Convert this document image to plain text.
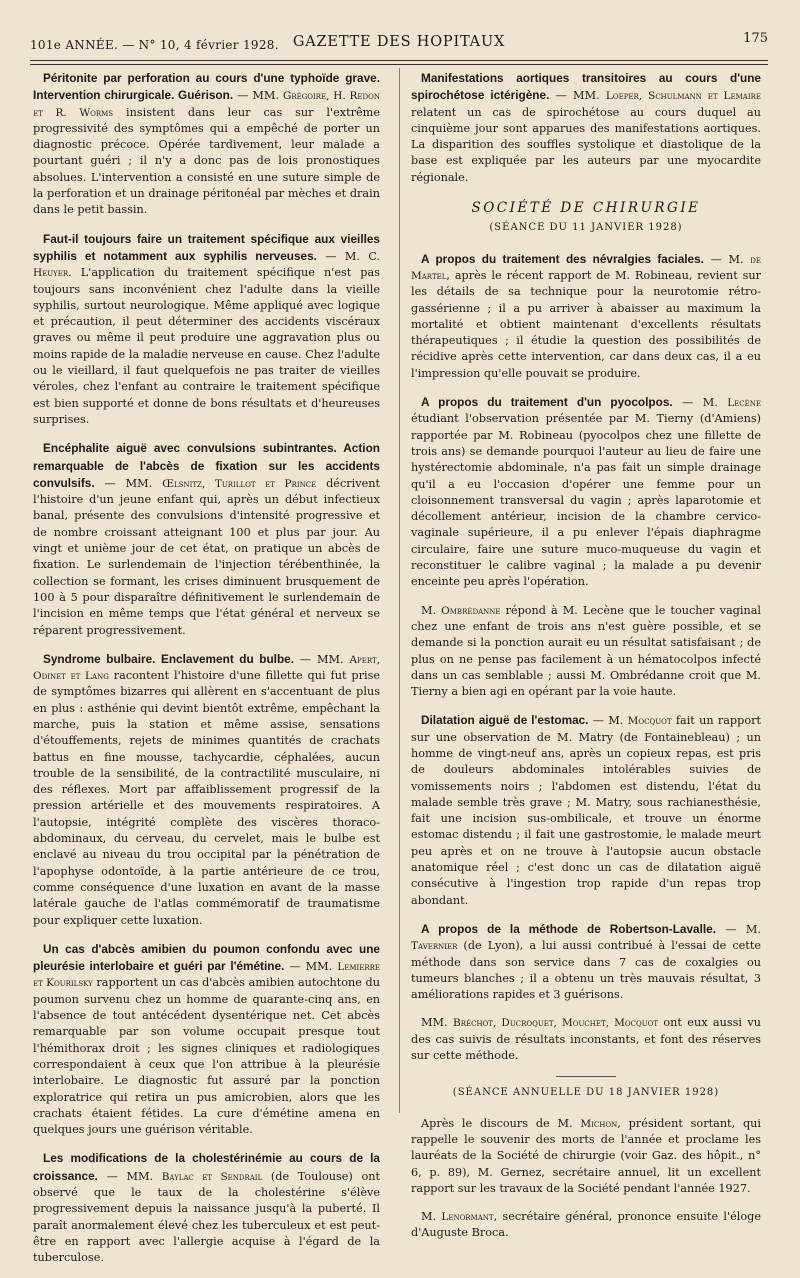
101e ANNÉE. — N° 10, 4 février 1928. GAZETTE DES HOPITAUX	175

Péritonite par perforation au cours d'une typhoïde grave. Intervention chirurgicale. Guérison. — MM. Grégoire, H. Redon et R. Worms insistent dans leur cas sur l'extrême progressivité des symptômes qui a empêché de porter un diagnostic précoce. Opérée tardivement, leur malade a pourtant guéri ; il n'y a donc pas de lois pronostiques absolues. L'intervention a consisté en une suture simple de la perforation et un drainage péritonéal par mèches et drain dans le petit bassin.

Faut-il toujours faire un traitement spécifique aux vieilles syphilis et notamment aux syphilis nerveuses. — M. C. Heuyer. L'application du traitement spécifique n'est pas toujours sans inconvénient chez l'adulte dans la vieille syphilis, surtout neurologique. Même appliqué avec logique et précaution, il peut déterminer des accidents viscéraux graves ou même il peut produire une aggravation plus ou moins rapide de la maladie nerveuse en cause. Chez l'adulte ou le vieillard, il faut quelquefois ne pas traiter de vieilles véroles, chez l'enfant au contraire le traitement spécifique est bien supporté et donne de bons résultats et d'heureuses surprises.

Encéphalite aiguë avec convulsions subintrantes. Action remarquable de l'abcès de fixation sur les accidents convulsifs. — MM. Œlsnitz, Turillot et Prince décrivent l'histoire d'un jeune enfant qui, après un début infectieux banal, présente des convulsions d'intensité progressive et de nombre croissant atteignant 100 et plus par jour. Au vingt et unième jour de cet état, on pratique un abcès de fixation. Le surlendemain de l'injection térébenthinée, la collection se formant, les crises diminuent brusquement de 100 à 5 pour disparaître définitivement le surlendemain de l'incision en même temps que l'état général et nerveux se réparent progressivement.

Syndrome bulbaire. Enclavement du bulbe. — MM. Apert, Odinet et Lang racontent l'histoire d'une fillette qui fut prise de symptômes bizarres qui allèrent en s'accentuant de plus en plus : asthénie qui devint bientôt extrême, empêchant la marche, puis la station et même assise, sensations d'étouffements, rejets de minimes quantités de crachats battus en fine mousse, tachycardie, céphalées, aucun trouble de la sensibilité, de la contractilité musculaire, ni des réflexes. Mort par affaiblissement progressif de la pression artérielle et des mouvements respiratoires. A l'autopsie, intégrité complète des viscères thoraco-abdominaux, du cerveau, du cervelet, mais le bulbe est enclavé au niveau du trou occipital par la pénétration de l'apophyse odontoïde, à la partie antérieure de ce trou, comme conséquence d'une luxation en avant de la masse latérale gauche de l'atlas commémoratif de traumatisme pour expliquer cette luxation.

Un cas d'abcès amibien du poumon confondu avec une pleurésie interlobaire et guéri par l'émétine. — MM. Lemierre et Kourilsky rapportent un cas d'abcès amibien autochtone du poumon survenu chez un homme de quarante-cinq ans, en l'absence de tout antécédent dysentérique net. Cet abcès remarquable par son volume occupait presque tout l'hémithorax droit ; les signes cliniques et radiologiques correspondaient à ceux que l'on attribue à la pleurésie interlobaire. Le diagnostic fut assuré par la ponction exploratrice qui retira un pus amicrobien, alors que les crachats étaient fétides. La cure d'émétine amena en quelques jours une guérison véritable.

Les modifications de la cholestérinémie au cours de la croissance. — MM. Baylac et Sendrail (de Toulouse) ont observé que le taux de la cholestérine s'élève progressivement depuis la naissance jusqu'à la puberté. Il paraît anormalement élevé chez les tuberculeux et est peut-être en rapport avec l'allergie acquise à l'égard de la tuberculose.

Manifestations aortiques transitoires au cours d'une spirochétose ictérigène. — MM. Loeper, Schulmann et Lemaire relatent un cas de spirochétose au cours duquel au cinquième jour sont apparues des manifestations aortiques. La disparition des souffles systolique et diastolique de la base est expliquée par les auteurs par une myocardite régionale.

SOCIÉTÉ DE CHIRURGIE
(SÉANCE DU 11 JANVIER 1928)

A propos du traitement des névralgies faciales. — M. de Martel, après le récent rapport de M. Robineau, revient sur les détails de sa technique pour la neurotomie rétro-gassérienne ; il a pu arriver à abaisser au maximum la mortalité et obtient maintenant d'excellents résultats thérapeutiques ; il étudie la question des possibilités de récidive après cette intervention, car dans deux cas, il a eu l'impression qu'elle pouvait se produire.

A propos du traitement d'un pyocolpos. — M. Lecène étudiant l'observation présentée par M. Tierny (d'Amiens) rapportée par M. Robineau (pyocolpos chez une fillette de trois ans) se demande pourquoi l'auteur au lieu de faire une hystérectomie abdominale, n'a pas fait un simple drainage qu'il a eu l'occasion d'opérer une femme pour un cloisonnement transversal du vagin ; après laparotomie et décollement antérieur, incision de la chambre cervico-vaginale supérieure, il a pu enlever l'épais diaphragme circulaire, faire une suture muco-muqueuse du vagin et reconstituer le calibre vaginal ; la malade a pu devenir enceinte peu après l'opération.

M. Ombrédanne répond à M. Lecène que le toucher vaginal chez une enfant de trois ans n'est guère possible, et se demande si la ponction aurait eu un résultat satisfaisant ; de plus on ne pense pas facilement à un hématocolpos infecté dans un cas semblable ; aussi M. Ombrédanne croit que M. Tierny a bien agi en opérant par la voie haute.

Dilatation aiguë de l'estomac. — M. Mocquot fait un rapport sur une observation de M. Matry (de Fontainebleau) ; un homme de vingt-neuf ans, après un copieux repas, est pris de douleurs abdominales intolérables suivies de vomissements noirs ; l'abdomen est distendu, l'état du malade semble très grave ; M. Matry, sous rachianesthésie, fait une incision sus-ombilicale, et trouve un énorme estomac distendu ; il fait une gastrostomie, le malade meurt peu après et on ne trouve à l'autopsie aucun obstacle anatomique réel ; c'est donc un cas de dilatation aiguë consécutive à l'ingestion trop rapide d'un repas trop abondant.

A propos de la méthode de Robertson-Lavalle. — M. Tavernier (de Lyon), a lui aussi contribué à l'essai de cette méthode dans son service dans 7 cas de coxalgies ou tumeurs blanches ; il a obtenu un très mauvais résultat, 3 améliorations rapides et 3 guérisons.

MM. Bréchot, Ducroquet, Mouchet, Mocquot ont eux aussi vu des cas suivis de résultats inconstants, et font des réserves sur cette méthode.

(SÉANCE ANNUELLE DU 18 JANVIER 1928)

Après le discours de M. Michon, président sortant, qui rappelle le souvenir des morts de l'année et proclame les lauréats de la Société de chirurgie (voir Gaz. des hôpit., n° 6, p. 89), M. Gernez, secrétaire annuel, lit un excellent rapport sur les travaux de la Société pendant l'année 1927.

M. Lenormant, secrétaire général, prononce ensuite l'éloge d'Auguste Broca.
